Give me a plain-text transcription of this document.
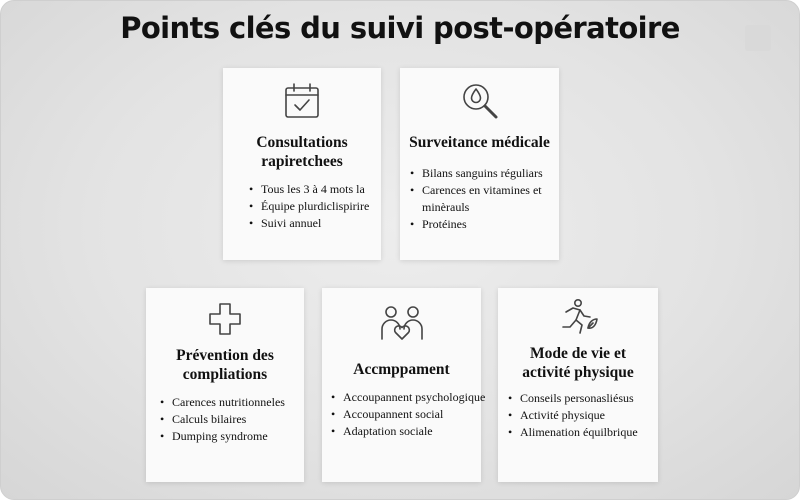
Points clés du suivi post-opératoire
Consultations rapiretchees
• Tous les 3 à 4 mots la
• Équipe plurdiclispirire
• Suivi annuel
Surveitance médicale
• Bilans sanguins réguliars
• Carences en vitamines et minèrauls
• Protéines
Prévention des compliations
• Carences nutritionneles
• Calculs bilaires
• Dumping syndrome
Accmppament
• Accoupannent psychologique
• Accoupannent social
• Adaptation sociale
Mode de vie et activité physique
• Conseils personasliésus
• Activité physique
• Alimenation équilbrique
